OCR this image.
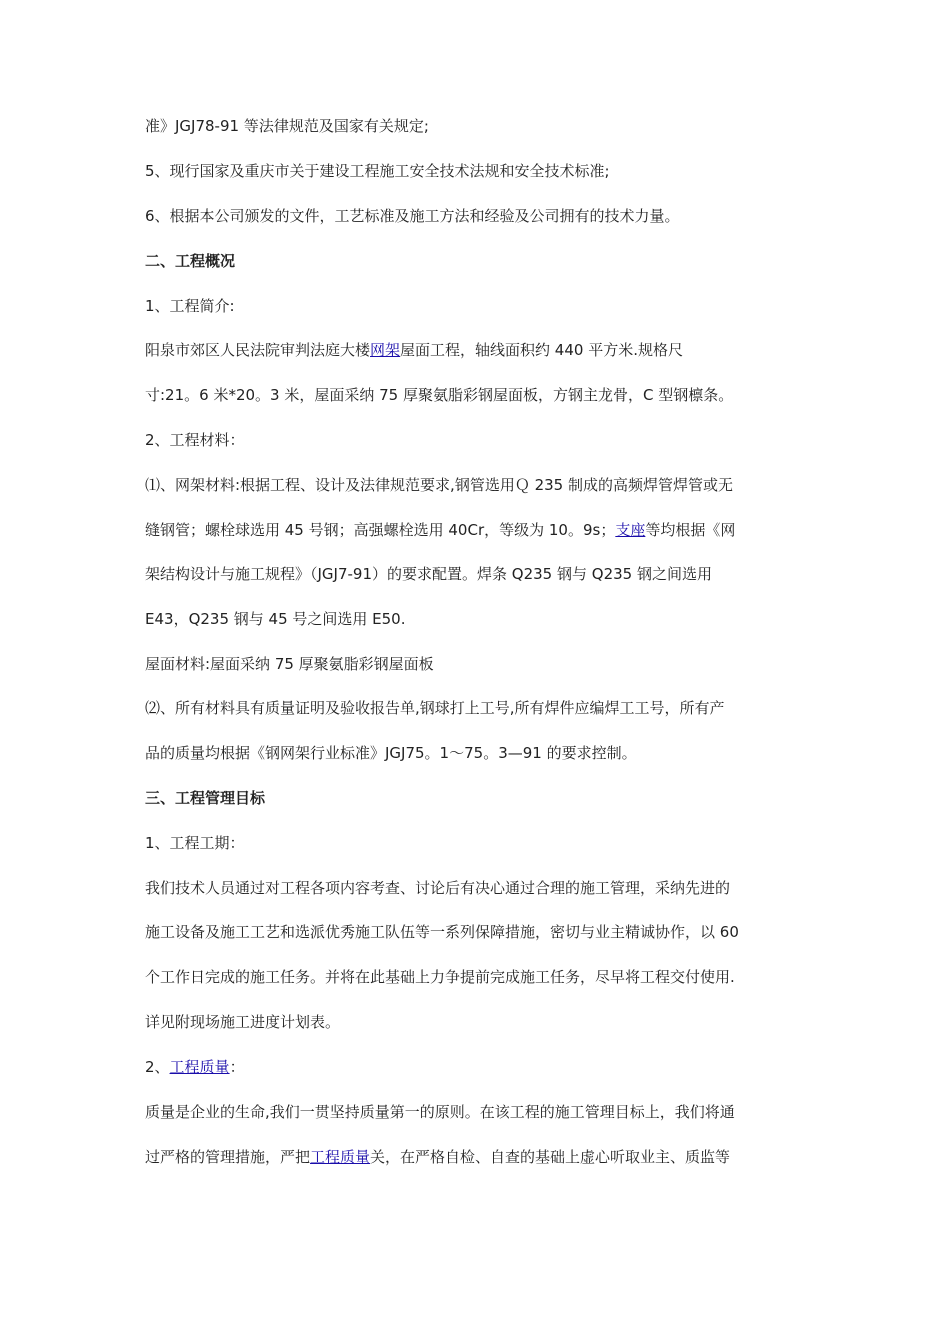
准》JGJ78-91 等法律规范及国家有关规定;
5、现行国家及重庆市关于建设工程施工安全技术法规和安全技术标准;
6、根据本公司颁发的文件，工艺标准及施工方法和经验及公司拥有的技术力量。
二、工程概况
1、工程简介:
阳泉市郊区人民法院审判法庭大楼网架屋面工程，轴线面积约 440 平方米.规格尺
寸:21。6 米*20。3 米，屋面采纳 75 厚聚氨脂彩钢屋面板，方钢主龙骨，C 型钢檩条。
2、工程材料：
⑴、网架材料:根据工程、设计及法律规范要求,钢管选用Ｑ 235 制成的高频焊管焊管或无
缝钢管；螺栓球选用 45 号钢；高强螺栓选用 40Cr，等级为 10。9s；支座等均根据《网
架结构设计与施工规程》（JGJ7-91）的要求配置。焊条 Q235 钢与 Q235 钢之间选用
E43，Q235 钢与 45 号之间选用 E50.
屋面材料:屋面采纳 75 厚聚氨脂彩钢屋面板
⑵、所有材料具有质量证明及验收报告单,钢球打上工号,所有焊件应编焊工工号，所有产
品的质量均根据《钢网架行业标准》JGJ75。1～75。3—91 的要求控制。
三、工程管理目标
1、工程工期：
我们技术人员通过对工程各项内容考查、讨论后有决心通过合理的施工管理，采纳先进的
施工设备及施工工艺和选派优秀施工队伍等一系列保障措施，密切与业主精诚协作，以 60
个工作日完成的施工任务。并将在此基础上力争提前完成施工任务，尽早将工程交付使用.
详见附现场施工进度计划表。
2、工程质量：
质量是企业的生命,我们一贯坚持质量第一的原则。在该工程的施工管理目标上，我们将通
过严格的管理措施，严把工程质量关，在严格自检、自查的基础上虚心听取业主、质监等
